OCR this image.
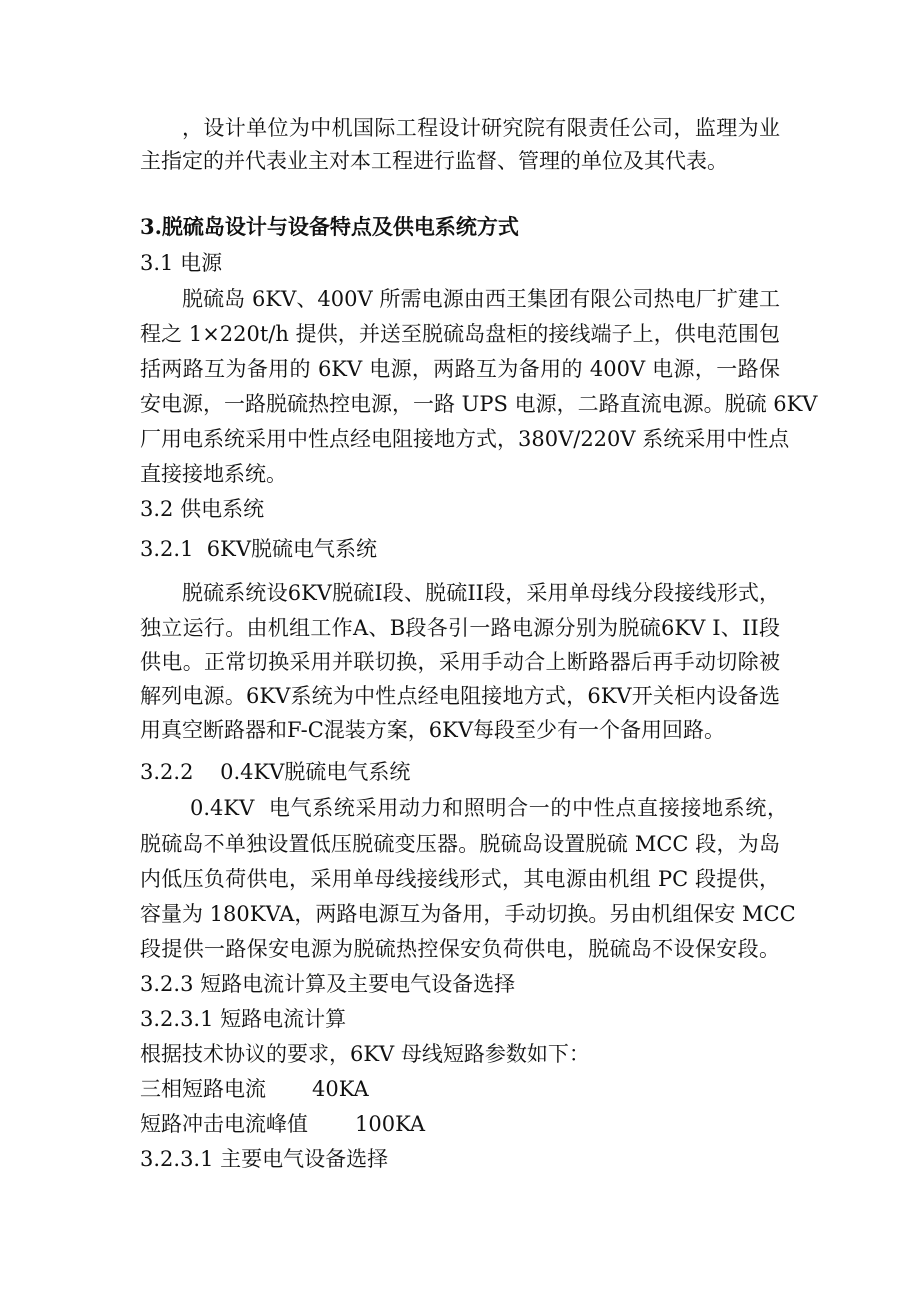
，设计单位为中机国际工程设计研究院有限责任公司，监理为业
主指定的并代表业主对本工程进行监督、管理的单位及其代表。
3.脱硫岛设计与设备特点及供电系统方式
3.1 电源
脱硫岛 6KV、400V 所需电源由西王集团有限公司热电厂扩建工
程之 1×220t/h 提供，并送至脱硫岛盘柜的接线端子上，供电范围包
括两路互为备用的 6KV 电源，两路互为备用的 400V 电源，一路保
安电源，一路脱硫热控电源，一路 UPS 电源，二路直流电源。脱硫 6KV
厂用电系统采用中性点经电阻接地方式，380V/220V 系统采用中性点
直接接地系统。
3.2 供电系统
3.2.1  6KV脱硫电气系统
脱硫系统设6KV脱硫I段、脱硫II段，采用单母线分段接线形式，
独立运行。由机组工作A、B段各引一路电源分别为脱硫6KV I、II段
供电。正常切换采用并联切换，采用手动合上断路器后再手动切除被
解列电源。6KV系统为中性点经电阻接地方式，6KV开关柜内设备选
用真空断路器和F-C混装方案，6KV每段至少有一个备用回路。
3.2.2    0.4KV脱硫电气系统
0.4KV  电气系统采用动力和照明合一的中性点直接接地系统，
脱硫岛不单独设置低压脱硫变压器。脱硫岛设置脱硫 MCC 段，为岛
内低压负荷供电，采用单母线接线形式，其电源由机组 PC 段提供，
容量为 180KVA，两路电源互为备用，手动切换。另由机组保安 MCC
段提供一路保安电源为脱硫热控保安负荷供电，脱硫岛不设保安段。
3.2.3 短路电流计算及主要电气设备选择
3.2.3.1 短路电流计算
根据技术协议的要求，6KV 母线短路参数如下：
三相短路电流 40KA
短路冲击电流峰值 100KA
3.2.3.1 主要电气设备选择
